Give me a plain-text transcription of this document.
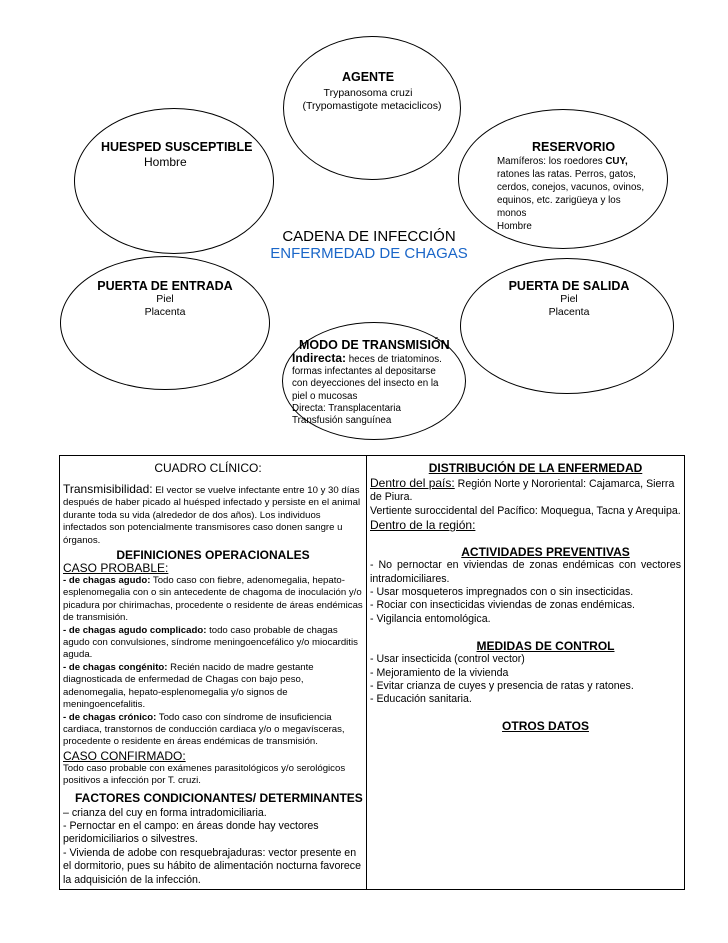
AGENTE
Trypanosoma cruzi
(Trypomastigote metaciclicos)
HUESPED SUSCEPTIBLE
Hombre
RESERVORIO
Mamíferos: los roedores CUY, ratones las ratas. Perros, gatos, cerdos, conejos, vacunos, ovinos, equinos, etc. zarigüeya y los monos
Hombre
CADENA DE INFECCIÓN
ENFERMEDAD DE CHAGAS
PUERTA DE ENTRADA
Piel
Placenta
PUERTA DE SALIDA
Piel
Placenta
MODO DE TRANSMISIÓN
Indirecta: heces de triatominos.
formas infectantes al depositarse
con deyecciones del insecto en la
piel o mucosas
Directa: Transplacentaria
Transfusión sanguínea

CUADRO CLÍNICO:

Transmisibilidad: El vector se vuelve infectante entre 10 y 30 días después de haber picado al huésped infectado y persiste en el animal durante toda su vida (alrededor de dos años). Los individuos infectados son potencialmente transmisores caso donen sangre u órganos.

DEFINICIONES OPERACIONALES

CASO PROBABLE:

- de chagas agudo: Todo caso con fiebre, adenomegalia, hepato-esplenomegalia con o sin antecedente de chagoma de inoculación y/o picadura por chirimachas, procedente o residente de áreas endémicas de transmisión.

- de chagas agudo complicado: todo caso probable de chagas agudo con convulsiones, síndrome meningoencefálico y/o miocarditis aguda.

- de chagas congénito: Recién nacido de madre gestante diagnosticada de enfermedad de Chagas con bajo peso, adenomegalia, hepato-esplenomegalia y/o signos de meningoencefalitis.

- de chagas crónico: Todo caso con síndrome de insuficiencia cardiaca, transtornos de conducción cardiaca y/o o megavísceras, procedente o residente en áreas endémicas de transmisión.

CASO CONFIRMADO:

Todo caso probable con exámenes parasitológicos y/o serológicos positivos a infección por T. cruzi.

FACTORES CONDICIONANTES/ DETERMINANTES

– crianza del cuy en forma intradomiciliaria.

- Pernoctar en el campo: en áreas donde hay vectores peridomiciliarios o silvestres.

- Vivienda de adobe con resquebrajaduras: vector presente en el dormitorio, pues su hábito de alimentación nocturna favorece la adquisición de la infección.

DISTRIBUCIÓN DE LA ENFERMEDAD

Dentro del país: Región Norte y Nororiental: Cajamarca, Sierra de Piura.

Vertiente suroccidental del Pacífico: Moquegua, Tacna y Arequipa.

Dentro de la región:

ACTIVIDADES PREVENTIVAS

- No pernoctar en viviendas de zonas endémicas con vectores intradomiciliares.

- Usar mosqueteros impregnados con o sin insecticidas.

- Rociar con insecticidas viviendas de zonas endémicas.

- Vigilancia entomológica.

MEDIDAS DE CONTROL

- Usar insecticida (control vector)

- Mejoramiento de la vivienda

- Evitar crianza de cuyes y presencia de ratas y ratones.

- Educación sanitaria.

OTROS DATOS
